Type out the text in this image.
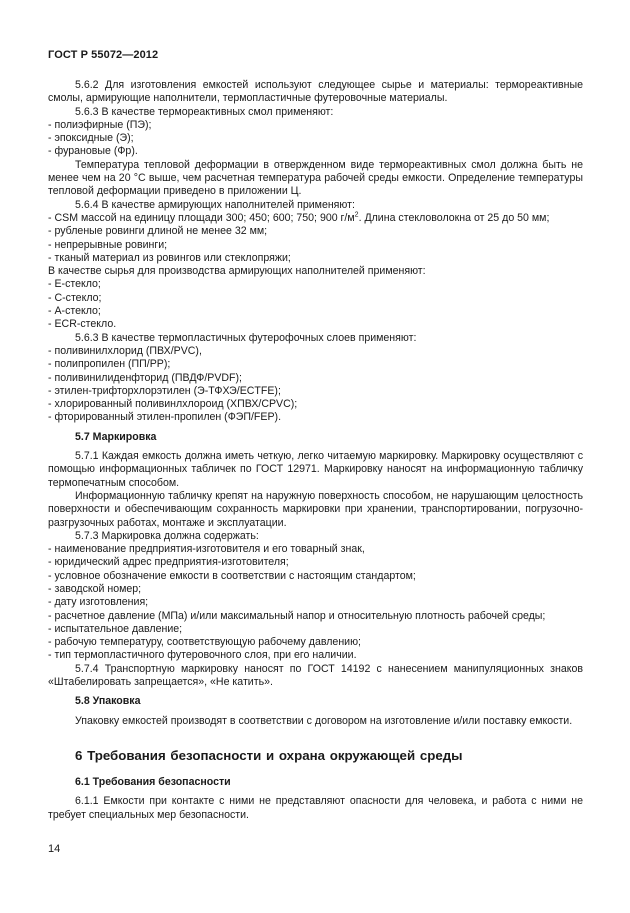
ГОСТ Р 55072—2012

5.6.2 Для изготовления емкостей используют следующее сырье и материалы: термореактивные смолы, армирующие наполнители, термопластичные футеровочные материалы.

5.6.3 В качестве термореактивных смол применяют:

- полиэфирные (ПЭ);

- эпоксидные (Э);

- фурановые (Фр).

Температура тепловой деформации в отвержденном виде термореактивных смол должна быть не менее чем на 20 °С выше, чем расчетная температура рабочей среды емкости. Определение температуры тепловой деформации приведено в приложении Ц.

5.6.4 В качестве армирующих наполнителей применяют:

- CSM массой на единицу площади 300; 450; 600; 750; 900 $г/м^2$. Длина стекловолокна от 25 до 50 мм;

- рубленые ровинги длиной не менее 32 мм;

- непрерывные ровинги;

- тканый материал из ровингов или стеклопряжи;

В качестве сырья для производства армирующих наполнителей применяют:

- Е-стекло;

- С-стекло;

- А-стекло;

- ECR-стекло.

5.6.3 В качестве термопластичных футерофочных слоев применяют:

- поливинилхлорид (ПВХ/PVC),

- полипропилен (ПП/РР);

- поливинилиденфторид (ПВДФ/PVDF);

- этилен-трифторхлорэтилен (Э-ТФХЭ/ECTFE);

- хлорированный поливинлхлороид (ХПВХ/CPVC);

- фторированный этилен-пропилен (ФЭП/FEP).

5.7 Маркировка

5.7.1 Каждая емкость должна иметь четкую, легко читаемую маркировку. Маркировку осуществляют с помощью информационных табличек по ГОСТ 12971. Маркировку наносят на информационную табличку термопечатным способом.

Информационную табличку крепят на наружную поверхность способом, не нарушающим целостность поверхности и обеспечивающим сохранность маркировки при хранении, транспортировании, погрузочно-разгрузочных работах, монтаже и эксплуатации.

5.7.3 Маркировка должна содержать:

- наименование предприятия-изготовителя и его товарный знак,

- юридический адрес предприятия-изготовителя;

- условное обозначение емкости в соответствии с настоящим стандартом;

- заводской номер;

- дату изготовления;

- расчетное давление (МПа) и/или максимальный напор и относительную плотность рабочей среды;

- испытательное давление;

- рабочую температуру, соответствующую рабочему давлению;

- тип термопластичного футеровочного слоя, при его наличии.

5.7.4 Транспортную маркировку наносят по ГОСТ 14192 с нанесением манипуляционных знаков «Штабелировать запрещается», «Не катить».

5.8 Упаковка

Упаковку емкостей производят в соответствии с договором на изготовление и/или поставку емкости.

6 Требования безопасности и охрана окружающей среды

6.1 Требования безопасности

6.1.1 Емкости при контакте с ними не представляют опасности для человека, и работа с ними не требует специальных мер безопасности.

14
